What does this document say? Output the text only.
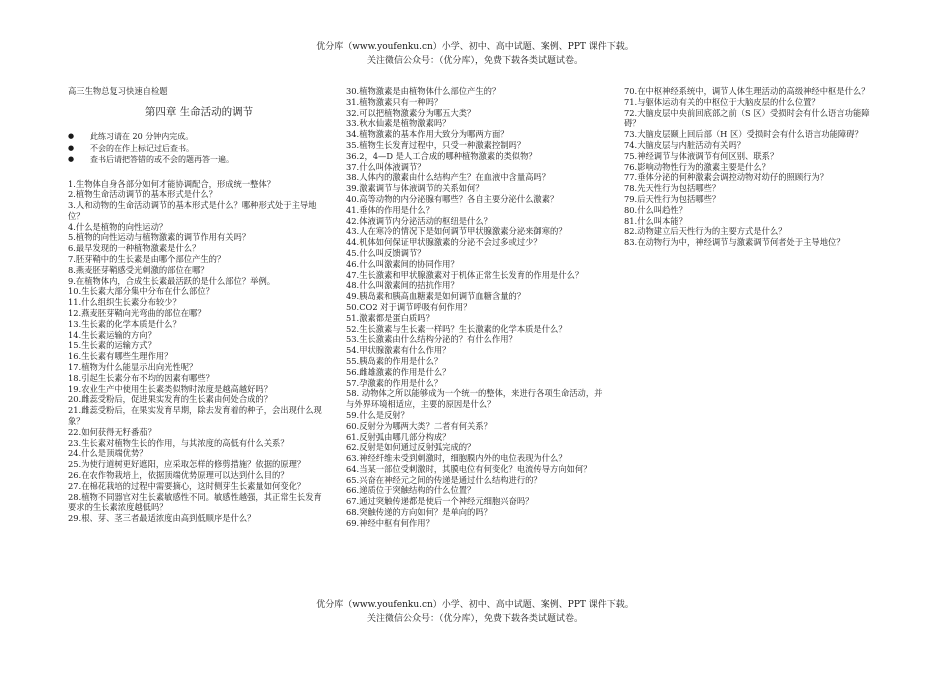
优分库（www.youfenku.cn）小学、初中、高中试题、案例、PPT 课件下载。
关注微信公众号：（优分库），免费下载各类试题试卷。
高三生物总复习快速自检题
第四章 生命活动的调节
● 此练习请在 20 分钟内完成。
● 不会的在作上标记过后查书。
● 查书后请把答错的或不会的题再答一遍。
1.生物体自身各部分如何才能协调配合，形成统一整体？
2.植物生命活动调节的基本形式是什么？
3.人和动物的生命活动调节的基本形式是什么？哪种形式处于主导地位？
4.什么是植物的向性运动？
5.植物的向性运动与植物激素的调节作用有关吗？
6.最早发现的一种植物激素是什么？
7.胚芽鞘中的生长素是由哪个部位产生的？
8.燕麦胚芽鞘感受光刺激的部位在哪？
9.在植物体内，合成生长素最活跃的是什么部位？举例。
10.生长素大部分集中分布在什么部位？
11.什么组织生长素分布较少？
12.燕麦胚芽鞘向光弯曲的部位在哪？
13.生长素的化学本质是什么？
14.生长素运输的方向？
15.生长素的运输方式？
16.生长素有哪些生理作用？
17.植物为什么能显示出向光性呢？
18.引起生长素分布不均的因素有哪些？
19.农业生产中使用生长素类似物时浓度是越高越好吗？
20.雌蕊受粉后，促进果实发育的生长素由何处合成的？
21.雌蕊受粉后，在果实发育早期，除去发育着的种子，会出现什么现象？
22.如何获得无籽番茄？
23.生长素对植物生长的作用，与其浓度的高低有什么关系？
24.什么是顶端优势？
25.为使行道树更好遮阳，应采取怎样的修剪措施？依据的原理？
26.在农作物栽培上，依据顶端优势原理可以达到什么目的？
27.在棉花栽培的过程中需要摘心，这时侧芽生长素量如何变化？
28.植物不同器官对生长素敏感性不同。敏感性越强，其正常生长发育要求的生长素浓度越低吗？
29.根、芽、茎三者最适浓度由高到低顺序是什么？
30.植物激素是由植物体什么部位产生的？
31.植物激素只有一种吗？
32.可以把植物激素分为哪五大类？
33.秋水仙素是植物激素吗？
34.植物激素的基本作用大致分为哪两方面？
35.植物生长发育过程中，只受一种激素控制吗？
36.2，4—D 是人工合成的哪种植物激素的类似物？
37.什么叫体液调节？
38.人体内的激素由什么结构产生？在血液中含量高吗？
39.激素调节与体液调节的关系如何？
40.高等动物的内分泌腺有哪些？各自主要分泌什么激素？
41.垂体的作用是什么？
42.体液调节内分泌活动的枢纽是什么？
43.人在寒冷的情况下是如何调节甲状腺激素分泌来御寒的？
44.机体如何保证甲状腺激素的分泌不会过多或过少？
45.什么叫反馈调节？
46.什么叫激素间的协同作用？
47.生长激素和甲状腺激素对于机体正常生长发育的作用是什么？
48.什么叫激素间的拮抗作用？
49.胰岛素和胰高血糖素是如何调节血糖含量的？
50.CO2 对于调节呼吸有何作用？
51.激素都是蛋白质吗？
52.生长激素与生长素一样吗？生长激素的化学本质是什么？
53.生长激素由什么结构分泌的？有什么作用？
54.甲状腺激素有什么作用？
55.胰岛素的作用是什么？
56.雌雄激素的作用是什么？
57.孕激素的作用是什么？
58. 动物体之所以能够成为一个统一的整体，来进行各项生命活动，并与外界环境相适应，主要的原因是什么？
59.什么是反射？
60.反射分为哪两大类？二者有何关系？
61.反射弧由哪几部分构成？
62.反射是如何通过反射弧完成的？
63.神经纤维未受到刺激时，细胞膜内外的电位表现为什么？
64.当某一部位受刺激时，其膜电位有何变化？电流传导方向如何？
65.兴奋在神经元之间的传递是通过什么结构进行的？
66.递质位于突触结构的什么位置？
67.通过突触传递都是使后一个神经元细胞兴奋吗？
68.突触传递的方向如何？是单向的吗？
69.神经中枢有何作用？
70.在中枢神经系统中，调节人体生理活动的高级神经中枢是什么？
71.与躯体运动有关的中枢位于大脑皮层的什么位置？
72.大脑皮层中央前回底部之前（S 区）受损时会有什么语言功能障碍？
73.大脑皮层颞上回后部（H 区）受损时会有什么语言功能障碍？
74.大脑皮层与内脏活动有关吗？
75.神经调节与体液调节有何区别、联系？
76.影响动物性行为的激素主要是什么？
77.垂体分泌的何种激素会调控动物对幼仔的照顾行为？
78.先天性行为包括哪些？
79.后天性行为包括哪些？
80.什么叫趋性？
81.什么叫本能？
82.动物建立后天性行为的主要方式是什么？
83.在动物行为中，神经调节与激素调节何者处于主导地位？
优分库（www.youfenku.cn）小学、初中、高中试题、案例、PPT 课件下载。
关注微信公众号：（优分库），免费下载各类试题试卷。
